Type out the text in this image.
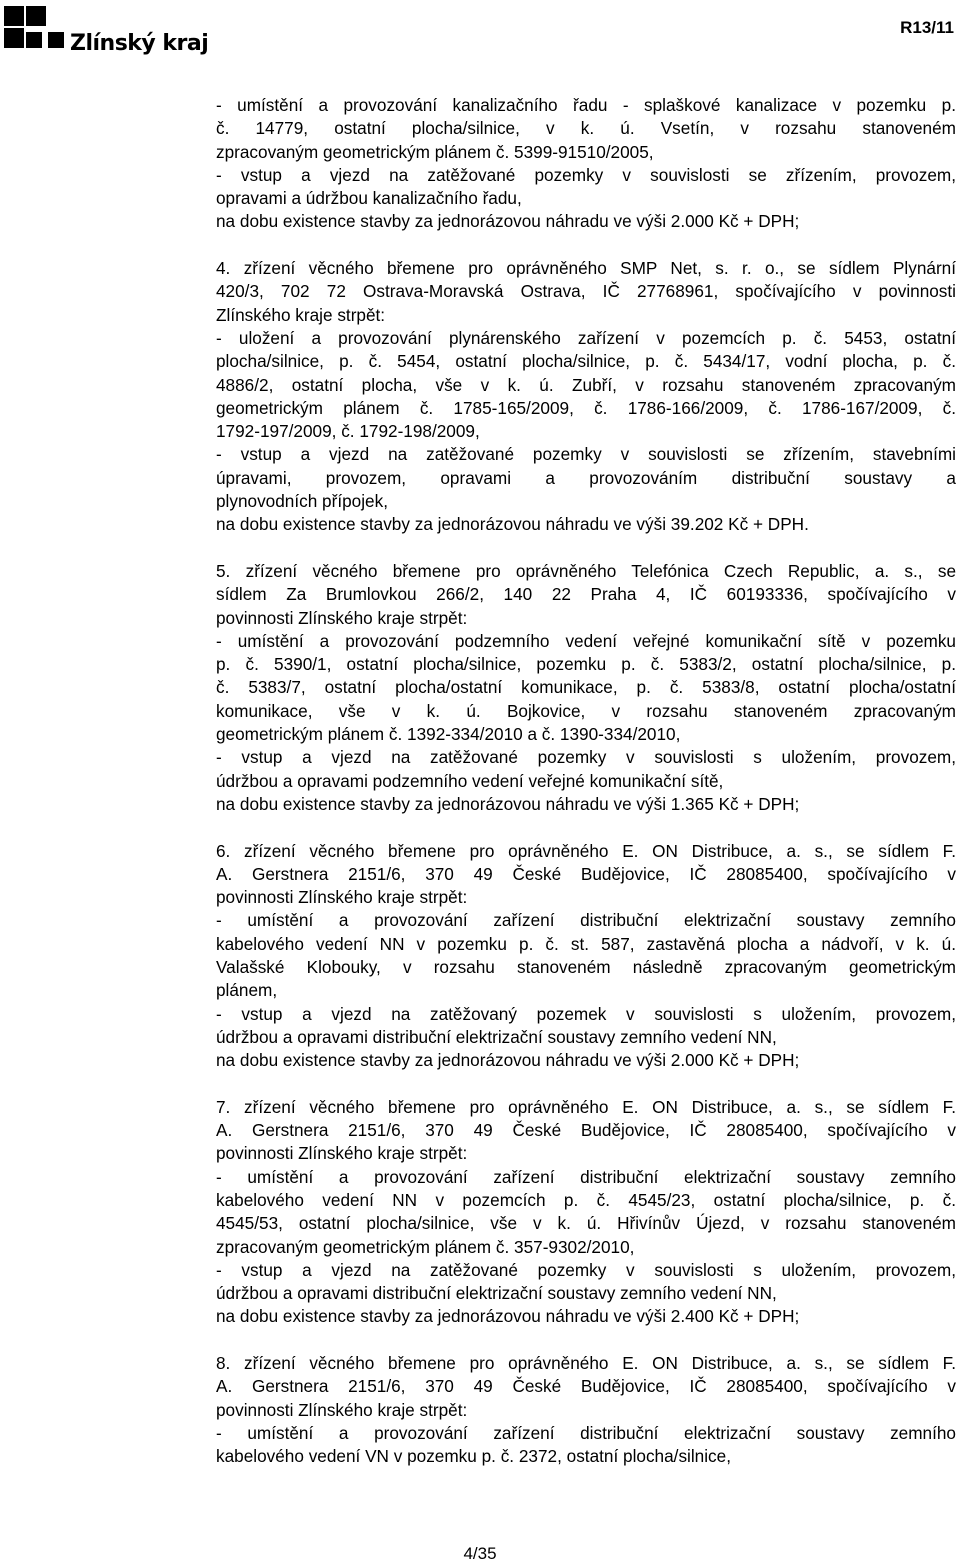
Zlínský kraj
R13/11

- umístění a provozování kanalizačního řadu - splaškové kanalizace v pozemku p.

č. 14779, ostatní plocha/silnice, v k. ú. Vsetín, v rozsahu stanoveném

zpracovaným geometrickým plánem č. 5399-91510/2005,

- vstup a vjezd na zatěžované pozemky v souvislosti se zřízením, provozem,

opravami a údržbou kanalizačního řadu,

na dobu existence stavby za jednorázovou náhradu ve výši 2.000 Kč + DPH;

4. zřízení věcného břemene pro oprávněného SMP Net, s. r. o., se sídlem Plynární

420/3, 702 72 Ostrava-Moravská Ostrava, IČ 27768961, spočívajícího v povinnosti

Zlínského kraje strpět:

- uložení a provozování plynárenského zařízení v pozemcích p. č. 5453, ostatní

plocha/silnice, p. č. 5454, ostatní plocha/silnice, p. č. 5434/17, vodní plocha, p. č.

4886/2, ostatní plocha, vše v k. ú. Zubří, v rozsahu stanoveném zpracovaným

geometrickým plánem č. 1785-165/2009, č. 1786-166/2009, č. 1786-167/2009, č.

1792-197/2009, č. 1792-198/2009,

- vstup a vjezd na zatěžované pozemky v souvislosti se zřízením, stavebními

úpravami, provozem, opravami a provozováním distribuční soustavy a

plynovodních přípojek,

na dobu existence stavby za jednorázovou náhradu ve výši 39.202 Kč + DPH.

5. zřízení věcného břemene pro oprávněného Telefónica Czech Republic, a. s., se

sídlem Za Brumlovkou 266/2, 140 22 Praha 4, IČ 60193336, spočívajícího v

povinnosti Zlínského kraje strpět:

- umístění a provozování podzemního vedení veřejné komunikační sítě v pozemku

p. č. 5390/1, ostatní plocha/silnice, pozemku p. č. 5383/2, ostatní plocha/silnice, p.

č. 5383/7, ostatní plocha/ostatní komunikace, p. č. 5383/8, ostatní plocha/ostatní

komunikace, vše v k. ú. Bojkovice, v rozsahu stanoveném zpracovaným

geometrickým plánem č. 1392-334/2010 a č. 1390-334/2010,

- vstup a vjezd na zatěžované pozemky v souvislosti s uložením, provozem,

údržbou a opravami podzemního vedení veřejné komunikační sítě,

na dobu existence stavby za jednorázovou náhradu ve výši 1.365 Kč + DPH;

6. zřízení věcného břemene pro oprávněného E. ON Distribuce, a. s., se sídlem F.

A. Gerstnera 2151/6, 370 49 České Budějovice, IČ 28085400, spočívajícího v

povinnosti Zlínského kraje strpět:

- umístění a provozování zařízení distribuční elektrizační soustavy zemního

kabelového vedení NN v pozemku p. č. st. 587, zastavěná plocha a nádvoří, v k. ú.

Valašské Klobouky, v rozsahu stanoveném následně zpracovaným geometrickým

plánem,

- vstup a vjezd na zatěžovaný pozemek v souvislosti s uložením, provozem,

údržbou a opravami distribuční elektrizační soustavy zemního vedení NN,

na dobu existence stavby za jednorázovou náhradu ve výši 2.000 Kč + DPH;

7. zřízení věcného břemene pro oprávněného E. ON Distribuce, a. s., se sídlem F.

A. Gerstnera 2151/6, 370 49 České Budějovice, IČ 28085400, spočívajícího v

povinnosti Zlínského kraje strpět:

- umístění a provozování zařízení distribuční elektrizační soustavy zemního

kabelového vedení NN v pozemcích p. č. 4545/23, ostatní plocha/silnice, p. č.

4545/53, ostatní plocha/silnice, vše v k. ú. Hřivínův Újezd, v rozsahu stanoveném

zpracovaným geometrickým plánem č. 357-9302/2010,

- vstup a vjezd na zatěžované pozemky v souvislosti s uložením, provozem,

údržbou a opravami distribuční elektrizační soustavy zemního vedení NN,

na dobu existence stavby za jednorázovou náhradu ve výši 2.400 Kč + DPH;

8. zřízení věcného břemene pro oprávněného E. ON Distribuce, a. s., se sídlem F.

A. Gerstnera 2151/6, 370 49 České Budějovice, IČ 28085400, spočívajícího v

povinnosti Zlínského kraje strpět:

- umístění a provozování zařízení distribuční elektrizační soustavy zemního

kabelového vedení VN v pozemku p. č. 2372, ostatní plocha/silnice,

4/35
